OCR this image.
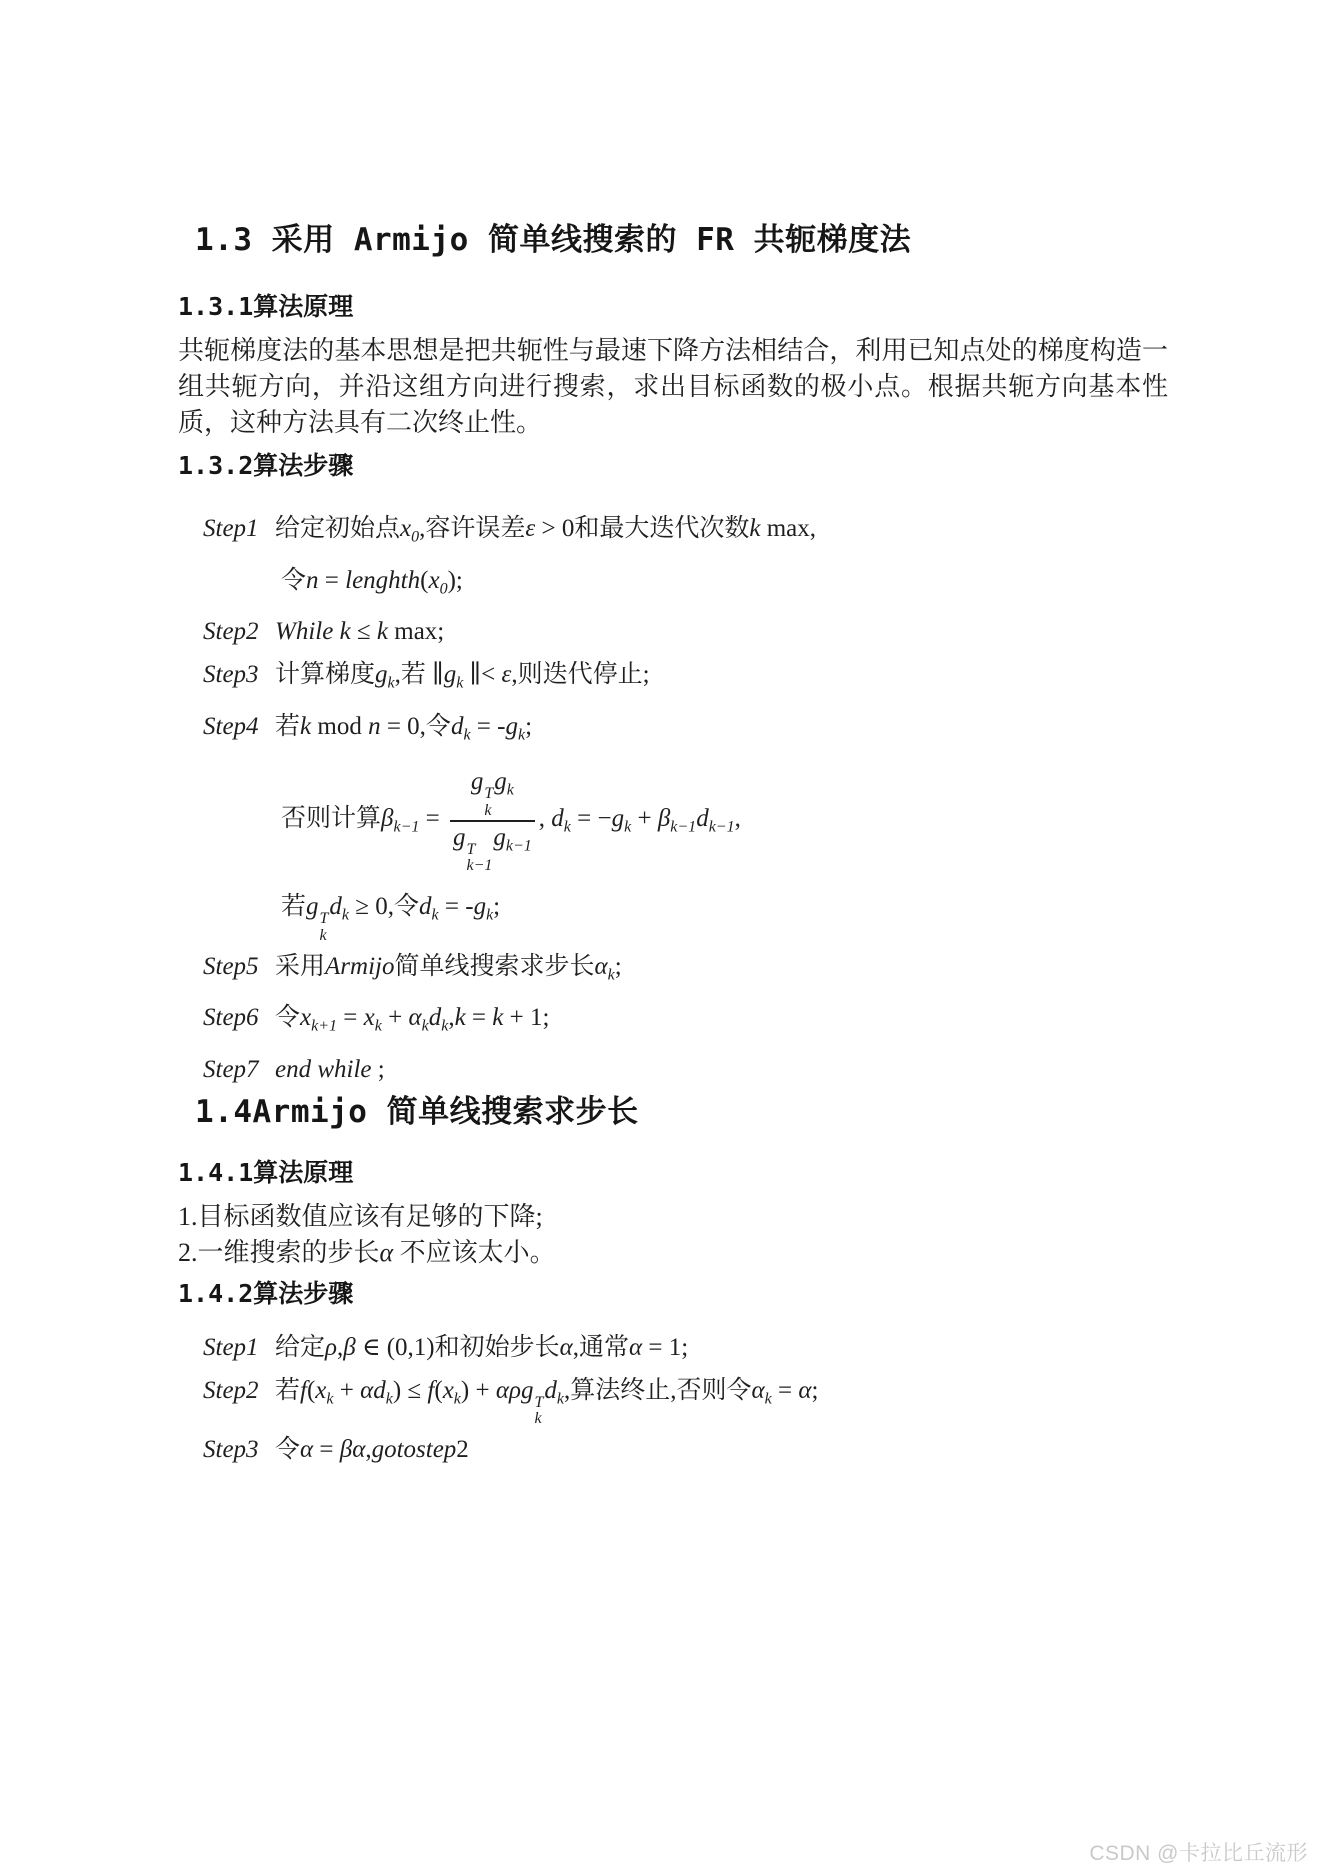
1.3 采用 Armijo 简单线搜索的 FR 共轭梯度法
1.3.1算法原理

共轭梯度法的基本思想是把共轭性与最速下降方法相结合，利用已知点处的梯度构造一组共轭方向，并沿这组方向进行搜索，求出目标函数的极小点。根据共轭方向基本性质，这种方法具有二次终止性。

1.3.2算法步骤
Step1 给定初始点$x_0$,容许误差ε > 0和最大迭代次数k max,
令$n = lenghth(x_0)$;
Step2 While k ≤ k max;
Step3 计算梯度$g_k$,若 $\parallel g_k$ ∥< ε,则迭代停止;
Step4 若k mod n = 0,令$d_k = -g_k$;
否则计算$\beta_{k-1} = g$ T
k
$g_k$
g T
k−1
$g_{k-1}$ , $d_k = -g_k + \beta_{k-1}d_{k-1}$,
若g T
k
$d_k \ge 0$,令$d_k = -g_k$;
Step5 采用Armijo简单线搜索求步长$\alpha_k$;
Step6 令$x_{k+1} = x_k + \alpha_kd_k,k = k + 1$;
Step7 end while ;
1.4Armijo 简单线搜索求步长
1.4.1算法原理
1.目标函数值应该有足够的下降;
2.一维搜索的步长α 不应该太小。
1.4.2算法步骤
Step1 给定ρ,β ∈ (0,1)和初始步长α,通常α = 1;
Step2 若$f(x_k + \alpha d_k) \le f(x_k) + \alpha\rho g$ T
k
$d_k$,算法终止,否则令$\alpha_k = \alpha$;
Step3 令α = βα,gotostep2
CSDN @卡拉比丘流形
